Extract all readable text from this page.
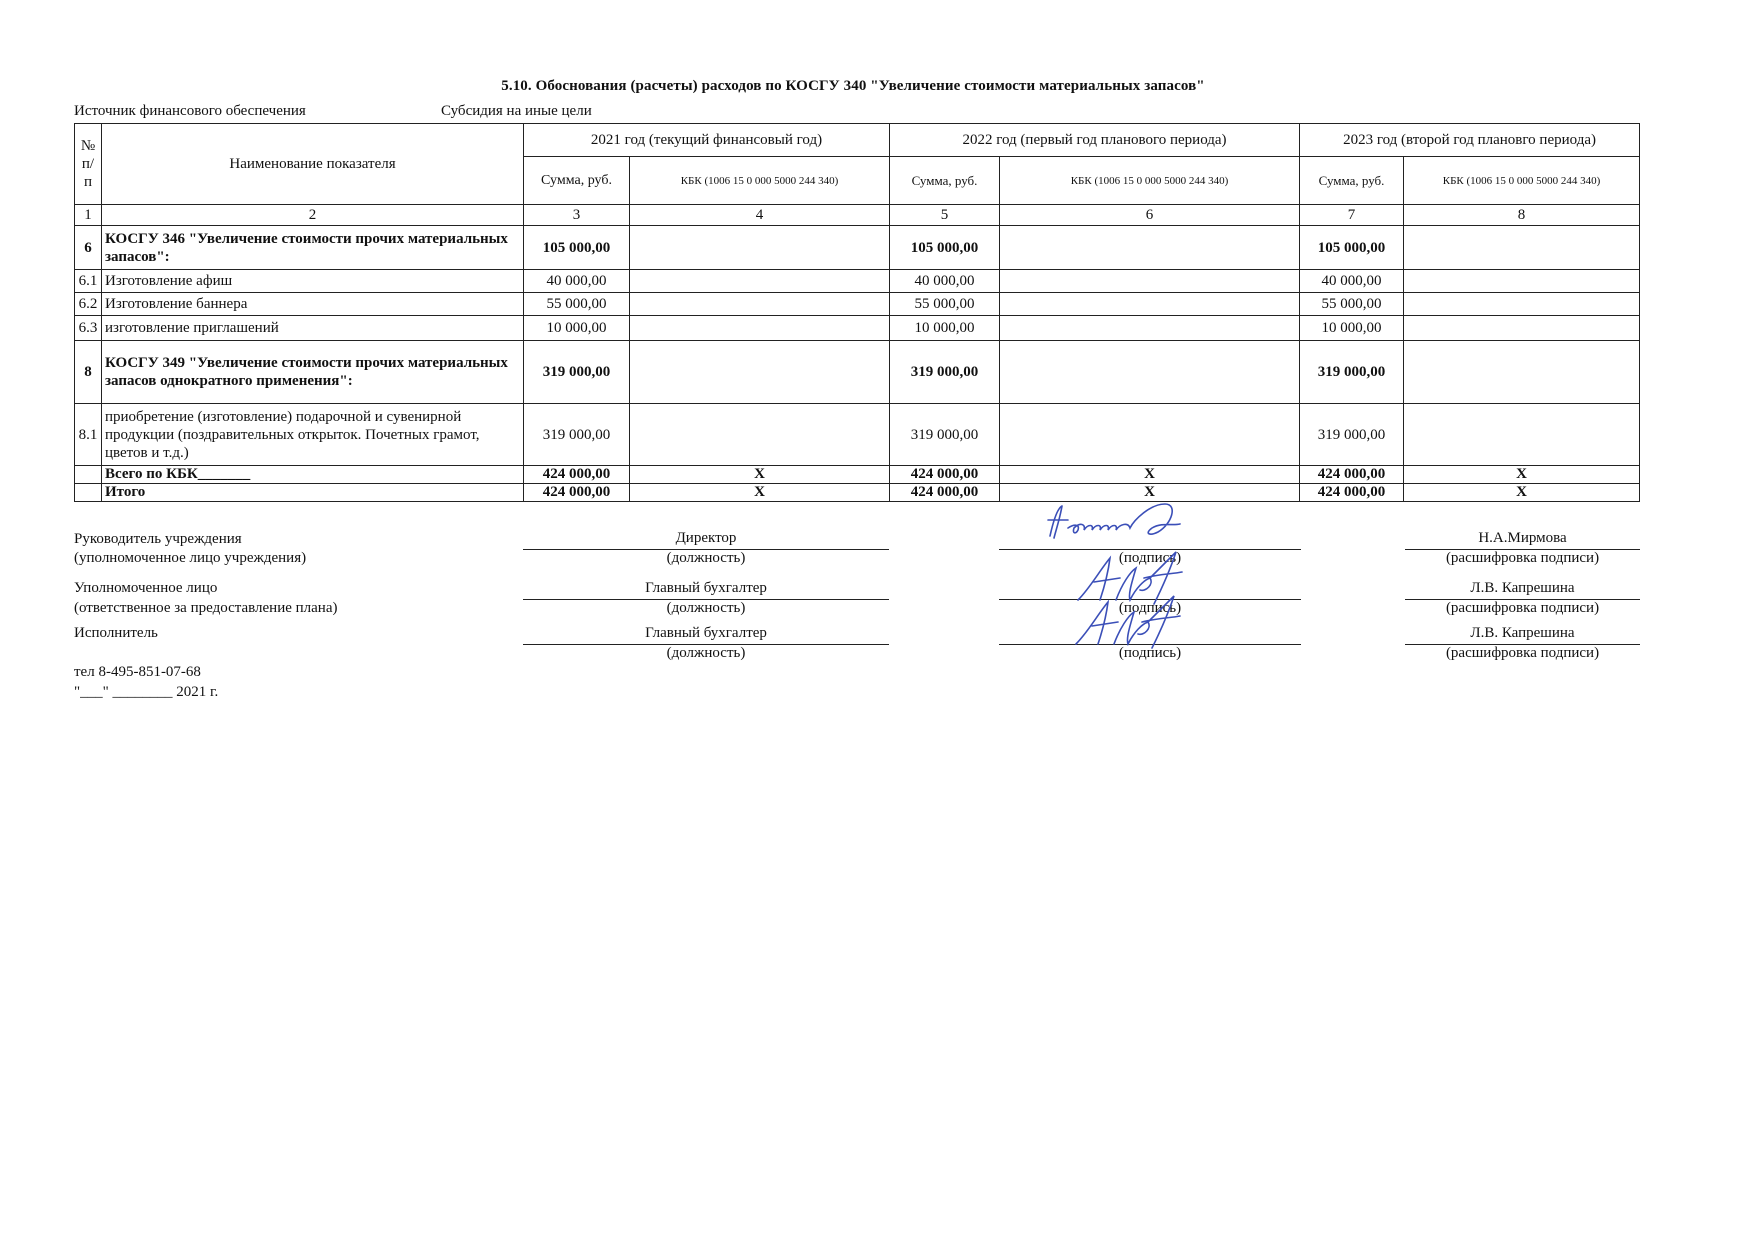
5.10. Обоснования (расчеты) расходов по КОСГУ 340 "Увеличение стоимости материальных запасов"
Источник финансового обеспечения	Субсидия на иные цели
№ п/п	Наименование показателя	2021 год (текущий финансовый год)		2022 год (первый год планового периода)		2023 год (второй год плановго периода)	
		Сумма, руб.	КБК (1006 15 0 000 5000 244 340)	Сумма, руб.	КБК (1006 15 0 000 5000 244 340)	Сумма, руб.	КБК (1006 15 0 000 5000 244 340)
1	2	3	4	5	6	7	8
6	КОСГУ 346 "Увеличение стоимости прочих материальных запасов":	105 000,00		105 000,00		105 000,00	
6.1	Изготовление афиш	40 000,00		40 000,00		40 000,00	
6.2	Изготовление баннера	55 000,00		55 000,00		55 000,00	
6.3	изготовление приглашений	10 000,00		10 000,00		10 000,00	
8	КОСГУ 349 "Увеличение стоимости прочих материальных запасов однократного применения":	319 000,00		319 000,00		319 000,00	
8.1	приобретение (изготовление) подарочной и сувенирной продукции (поздравительных открыток. Почетных грамот, цветов и т.д.)	319 000,00		319 000,00		319 000,00	
	Всего по КБК_______	424 000,00	Х	424 000,00	Х	424 000,00	Х
	Итого	424 000,00	Х	424 000,00	Х	424 000,00	Х
Руководитель учреждения
(уполномоченное лицо учреждения)
Директор
(должность)	(подпись)
Н.А.Мирмова
(расшифровка подписи)
Уполномоченное лицо
(ответственное за предоставление плана)
Главный бухгалтер
(должность)	(подпись)
Л.В. Капрешина
(расшифровка подписи)
Исполнитель	Главный бухгалтер
(должность)	(подпись)
Л.В. Капрешина
(расшифровка подписи)
тел 8-495-851-07-68
"___" ________ 2021 г.
